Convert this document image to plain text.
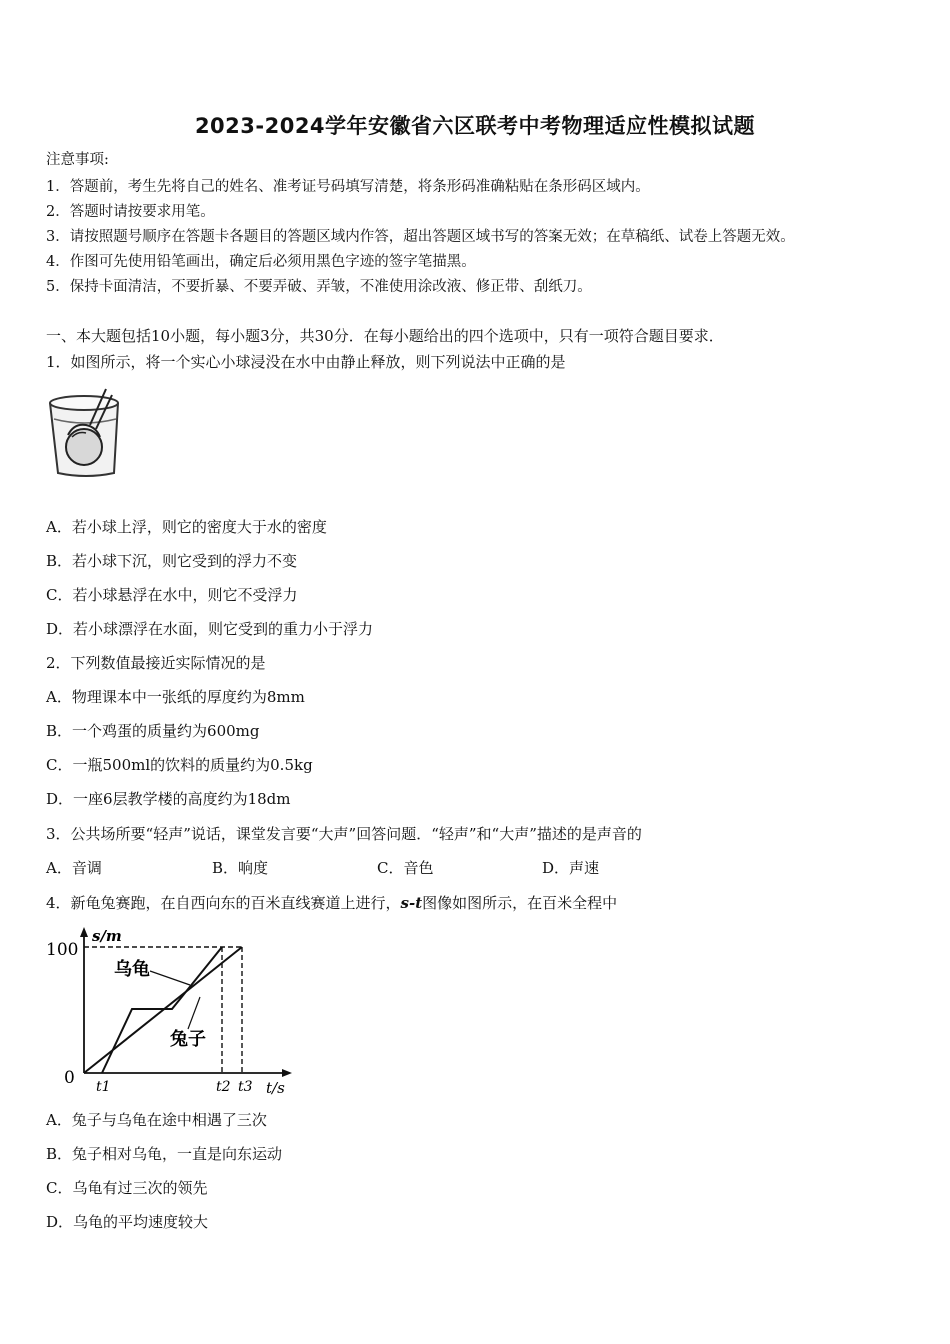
2023-2024学年安徽省六区联考中考物理适应性模拟试题
注意事项:
1．答题前，考生先将自己的姓名、准考证号码填写清楚，将条形码准确粘贴在条形码区域内。
2．答题时请按要求用笔。
3．请按照题号顺序在答题卡各题目的答题区域内作答，超出答题区域书写的答案无效；在草稿纸、试卷上答题无效。
4．作图可先使用铅笔画出，确定后必须用黑色字迹的签字笔描黑。
5．保持卡面清洁，不要折暴、不要弄破、弄皱，不准使用涂改液、修正带、刮纸刀。
一、本大题包括10小题，每小题3分，共30分．在每小题给出的四个选项中，只有一项符合题目要求．
1．如图所示，将一个实心小球浸没在水中由静止释放，则下列说法中正确的是
A．若小球上浮，则它的密度大于水的密度
B．若小球下沉，则它受到的浮力不变
C．若小球悬浮在水中，则它不受浮力
D．若小球漂浮在水面，则它受到的重力小于浮力
2．下列数值最接近实际情况的是
A．物理课本中一张纸的厚度约为8mm
B．一个鸡蛋的质量约为600mg
C．一瓶500ml的饮料的质量约为0.5kg
D．一座6层教学楼的高度约为18dm
3．公共场所要“轻声”说话，课堂发言要“大声”回答问题．“轻声”和“大声”描述的是声音的
A．音调	B．响度	C．音色	D．声速
4．新龟兔赛跑，在自西向东的百米直线赛道上进行，s-t图像如图所示，在百米全程中
100
0
s/m
t/s
t1	t2 t3
乌龟
兔子
A．兔子与乌龟在途中相遇了三次
B．兔子相对乌龟，一直是向东运动
C．乌龟有过三次的领先
D．乌龟的平均速度较大
